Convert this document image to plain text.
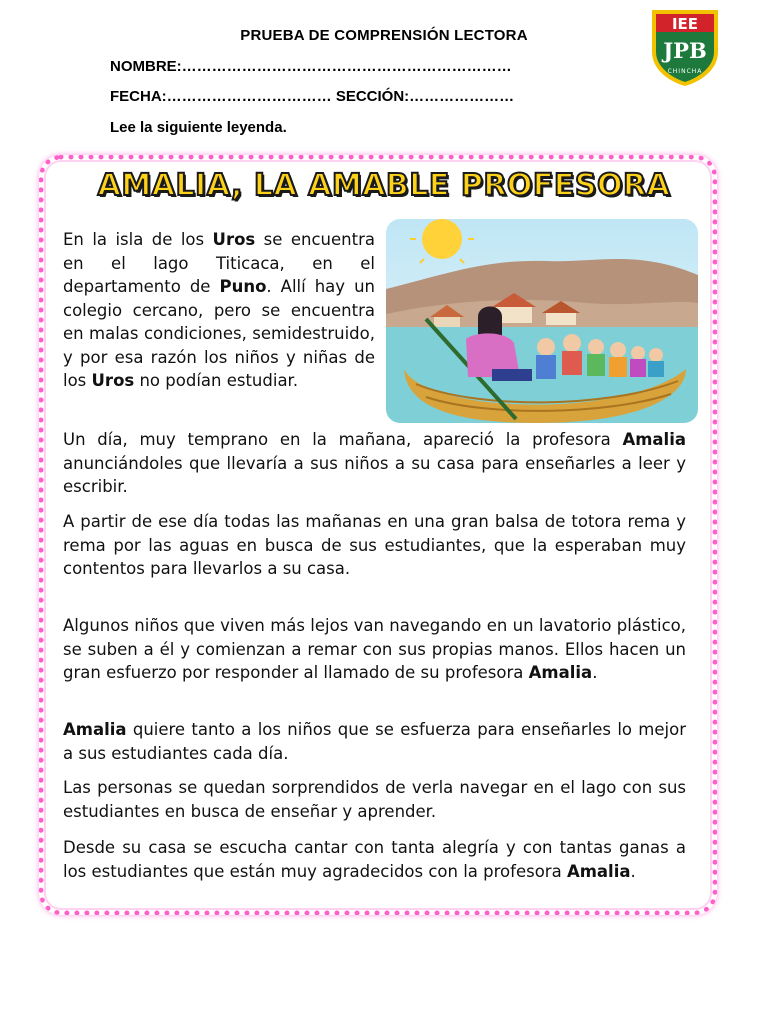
PRUEBA DE COMPRENSIÓN LECTORA
NOMBRE:…………………………………………………………
FECHA:…………………………… SECCIÓN:…………………
Lee la siguiente leyenda.
IEE
JPB
CHINCHA
AMALIA, LA AMABLE PROFESORA
En la isla de los Uros se encuentra en el lago Titicaca, en el departamento de Puno. Allí hay un colegio cercano, pero se encuentra en malas condiciones, semidestruido, y por esa razón los niños y niñas de los Uros no podían estudiar.
Un día, muy temprano en la mañana, apareció la profesora Amalia anunciándoles que llevaría a sus niños a su casa para enseñarles a leer y escribir.
A partir de ese día todas las mañanas en una gran balsa de totora rema y rema por las aguas en busca de sus estudiantes, que la esperaban muy contentos para llevarlos a su casa.
Algunos niños que viven más lejos van navegando en un lavatorio plástico, se suben a él y comienzan a remar con sus propias manos. Ellos hacen un gran esfuerzo por responder al llamado de su profesora Amalia.
Amalia quiere tanto a los niños que se esfuerza para enseñarles lo mejor a sus estudiantes cada día.
Las personas se quedan sorprendidos de verla navegar en el lago con sus estudiantes en busca de enseñar y aprender.
Desde su casa se escucha cantar con tanta alegría y con tantas ganas a los estudiantes que están muy agradecidos con la profesora Amalia.
